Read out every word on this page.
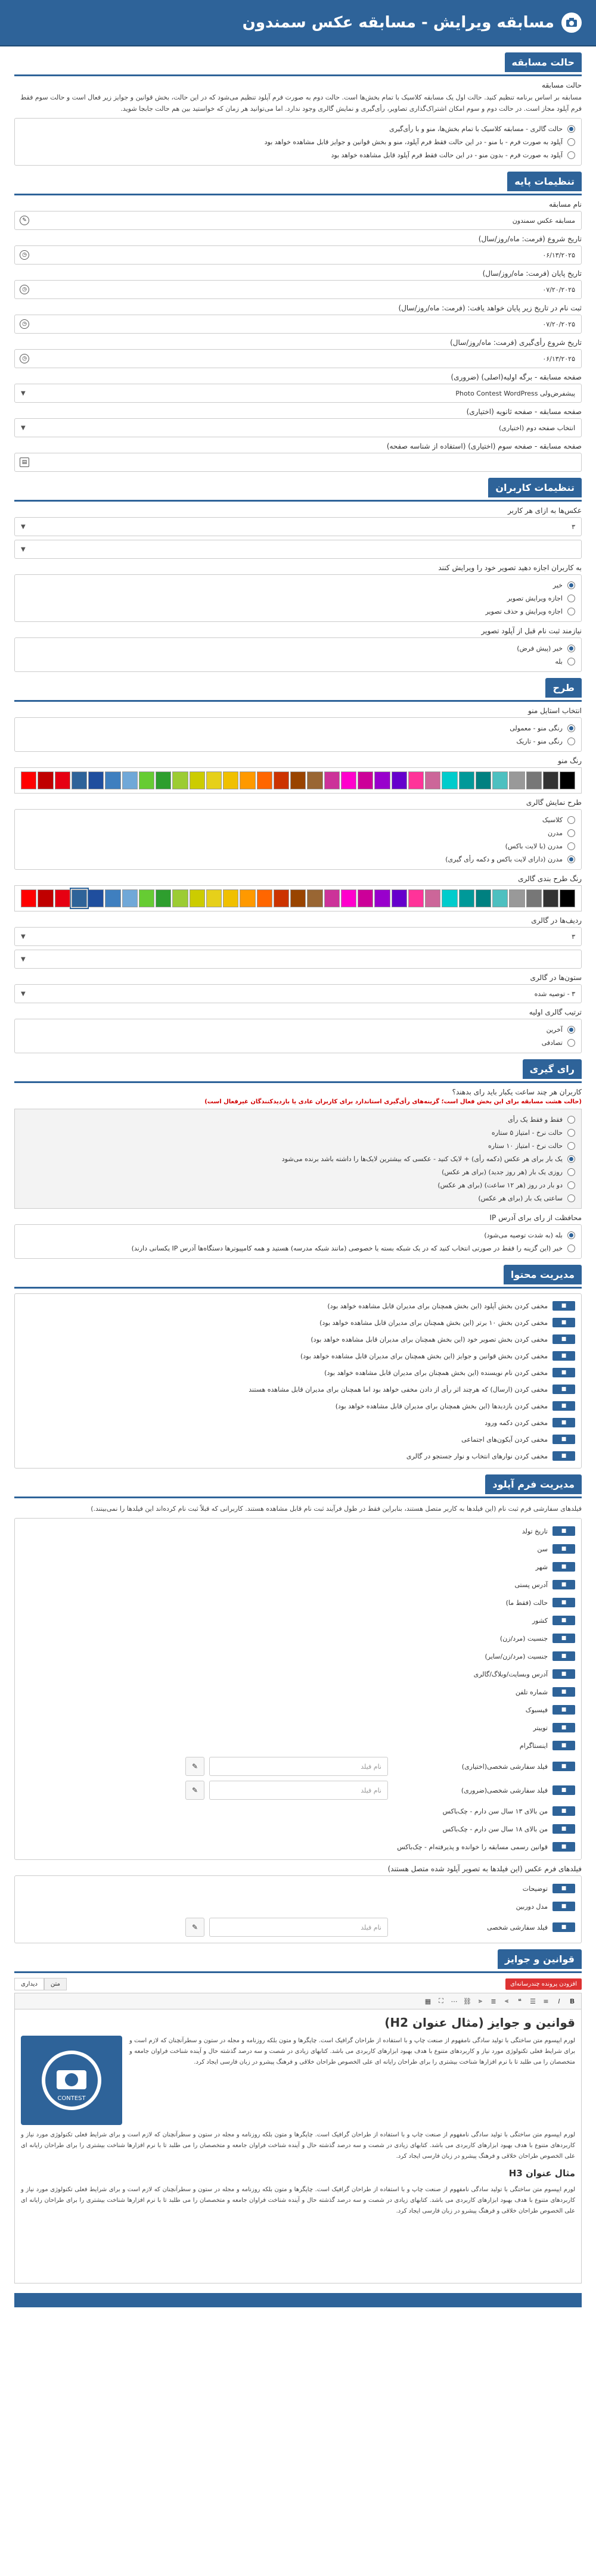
مسابقه ویرایش - مسابقه عکس سمندون
حالت مسابقه
حالت مسابقه
مسابقه بر اساس برنامه تنظیم کنید. حالت اول یک مسابقه کلاسیک با تمام بخش‌ها است. حالت دوم به صورت فرم آپلود تنظیم می‌شود که در این حالت، بخش قوانین و جوایز زیر فعال است و حالت سوم فقط فرم آپلود مجاز است. در حالت دوم و سوم امکان اشتراک‌گذاری تصاویر، رأی‌گیری و نمایش گالری وجود ندارد. اما می‌توانید هر زمان که خواستید بین هم حالت جابجا شوید.
حالت گالری - مسابقه کلاسیک با تمام بخش‌ها، منو و با رأی‌گیری
آپلود به صورت فرم - با منو - در این حالت فقط فرم آپلود، منو و بخش قوانین و جوایز قابل مشاهده خواهد بود
آپلود به صورت فرم - بدون منو - در این حالت فقط فرم آپلود قابل مشاهده خواهد بود
تنظیمات پایه
نام مسابقه
مسابقه عکس سمندون
✎
تاریخ شروع (فرمت: ماه/روز/سال)
۰۶/۱۳/۲۰۲۵
◷
تاریخ پایان (فرمت: ماه/روز/سال)
۰۷/۲۰/۲۰۲۵
◷
ثبت نام در تاریخ زیر پایان خواهد یافت: (فرمت: ماه/روز/سال)
۰۷/۲۰/۲۰۲۵
◷
تاریخ شروع رأی‌گیری (فرمت: ماه/روز/سال)
۰۶/۱۳/۲۰۲۵
◷
صفحه مسابقه - برگه اولیه(اصلی) (ضروری)
پیشفرض‌ولی Photo Contest WordPress
▼
صفحه مسابقه - صفحه ثانویه (اختیاری)
انتخاب صفحه دوم (اختیاری)
▼
صفحه مسابقه - صفحه سوم (اختیاری) (استفاده از شناسه صفحه)
▤
تنظیمات کاربران
عکس‌ها به ازای هر کاربر
۳
▼
▼
به کاربران اجازه دهید تصویر خود را ویرایش کنند
خیر
اجازه ویرایش تصویر
اجازه ویرایش و حذف تصویر
نیازمند ثبت نام قبل از آپلود تصویر
خیر (پیش فرض)
بله
طرح
انتخاب استایل منو
رنگی منو - معمولی
رنگی منو - تاریک
رنگ منو
طرح نمایش گالری
کلاسیک
مدرن
مدرن (با لایت باکس)
مدرن (دارای لایت باکس و دکمه رأی گیری)
رنگ طرح بندی گالری
ردیف‌ها در گالری
۳
▼
▼
ستون‌ها در گالری
۳ - توصیه شده
▼
ترتیب گالری اولیه
آخرین
تصادفی
رای گیری
کاربران هر چند ساعت یکبار باید رای بدهند؟
(حالت هشت مسابقه برای این بخش فعال است؛ گزینه‌های رأی‌گیری استاندارد برای کاربران عادی یا بازدیدکنندگان غیرفعال است)
فقط و فقط یک رأی
حالت نرخ - امتیاز ۵ ستاره
حالت نرخ - امتیاز ۱۰ ستاره
یک بار برای هر عکس (دکمه رأی) + لایک کنید - عکسی که بیشترین لایک‌ها را داشته باشد برنده می‌شود
روزی یک بار (هر روز جدید) (برای هر عکس)
دو بار در روز (هر ۱۲ ساعت) (برای هر عکس)
ساعتی یک بار (برای هر عکس)
محافظت از رای برای آدرس IP
بله (به شدت توصیه می‌شود)
خیر (این گزینه را فقط در صورتی انتخاب کنید که در یک شبکه بسته یا خصوصی (مانند شبکه مدرسه) هستید و همه کامپیوترها دستگاه‌ها آدرس IP یکسانی دارند)
مدیریت محتوا
■
مخفی کردن بخش آپلود (این بخش همچنان برای مدیران قابل مشاهده خواهد بود)
■
مخفی کردن بخش ۱۰ برتر (این بخش همچنان برای مدیران قابل مشاهده خواهد بود)
■
مخفی کردن بخش تصویر خود (این بخش همچنان برای مدیران قابل مشاهده خواهد بود)
■
مخفی کردن بخش قوانین و جوایز (این بخش همچنان برای مدیران قابل مشاهده خواهد بود)
■
مخفی کردن نام نویسنده (این بخش همچنان برای مدیران قابل مشاهده خواهد بود)
■
مخفی کردن (ارسال) که هرچند اثر رأی از دادن مخفی خواهد بود اما همچنان برای مدیران قابل مشاهده هستند
■
مخفی کردن بازدیدها (این بخش همچنان برای مدیران قابل مشاهده خواهد بود)
■
مخفی کردن دکمه ورود
■
مخفی کردن آیکون‌های اجتماعی
■
مخفی کردن نوارهای انتخاب و نوار جستجو در گالری
مدیریت فرم آپلود
فیلدهای سفارشی فرم ثبت نام (این فیلدها به کاربر متصل هستند، بنابراین فقط در طول فرآیند ثبت نام قابل مشاهده هستند. کاربرانی که قبلاً ثبت نام کرده‌اند این فیلدها را نمی‌بینند.)
■
تاریخ تولد
■
سن
■
شهر
■
آدرس پستی
■
حالت (فقط ما)
■
کشور
■
جنسیت (مرد/زن)
■
جنسیت (مرد/زن/سایر)
■
آدرس وبسایت/وبلاگ/گالری
■
شماره تلفن
■
فیسبوک
■
توییتر
■
اینستاگرام
■
فیلد سفارشی شخصی(اختیاری)
نام فیلد
✎
■
فیلد سفارشی شخصی(ضروری)
نام فیلد
✎
■
من بالای ۱۳ سال سن دارم - چک‌باکس
■
من بالای ۱۸ سال سن دارم - چک‌باکس
■
قوانین رسمی مسابقه را خوانده و پذیرفته‌ام - چک‌باکس
فیلدهای فرم عکس (این فیلدها به تصویر آپلود شده متصل هستند)
■
توضیحات
■
مدل دوربین
■
فیلد سفارشی شخصی
نام فیلد
✎
قوانین و جوایز
افزودن پرونده چندرسانه‌ای
متن
دیداری
B
I
≡
☰
❝
⫸
≣
⫷
⛓
⋯
⛶
▦
قوانین و جوایز (مثال عنوان H2)
لورم ایپسوم متن ساختگی با تولید سادگی نامفهوم از صنعت چاپ و با استفاده از طراحان گرافیک است. چاپگرها و متون بلکه روزنامه و مجله در ستون و سطرآنچنان که لازم است و برای شرایط فعلی تکنولوژی مورد نیاز و کاربردهای متنوع با هدف بهبود ابزارهای کاربردی می باشد. کتابهای زیادی در شصت و سه درصد گذشته حال و آینده شناخت فراوان جامعه و متخصصان را می طلبد تا با نرم افزارها شناخت بیشتری را برای طراحان رایانه ای علی الخصوص طراحان خلاقی و فرهنگ پیشرو در زبان فارسی ایجاد کرد.
CONTEST
لورم ایپسوم متن ساختگی با تولید سادگی نامفهوم از صنعت چاپ و با استفاده از طراحان گرافیک است. چاپگرها و متون بلکه روزنامه و مجله در ستون و سطرآنچنان که لازم است و برای شرایط فعلی تکنولوژی مورد نیاز و کاربردهای متنوع با هدف بهبود ابزارهای کاربردی می باشد. کتابهای زیادی در شصت و سه درصد گذشته حال و آینده شناخت فراوان جامعه و متخصصان را می طلبد تا با نرم افزارها شناخت بیشتری را برای طراحان رایانه ای علی الخصوص طراحان خلاقی و فرهنگ پیشرو در زبان فارسی ایجاد کرد.
مثال عنوان H3
لورم ایپسوم متن ساختگی با تولید سادگی نامفهوم از صنعت چاپ و با استفاده از طراحان گرافیک است. چاپگرها و متون بلکه روزنامه و مجله در ستون و سطرآنچنان که لازم است و برای شرایط فعلی تکنولوژی مورد نیاز و کاربردهای متنوع با هدف بهبود ابزارهای کاربردی می باشد. کتابهای زیادی در شصت و سه درصد گذشته حال و آینده شناخت فراوان جامعه و متخصصان را می طلبد تا با نرم افزارها شناخت بیشتری را برای طراحان رایانه ای علی الخصوص طراحان خلاقی و فرهنگ پیشرو در زبان فارسی ایجاد کرد.
